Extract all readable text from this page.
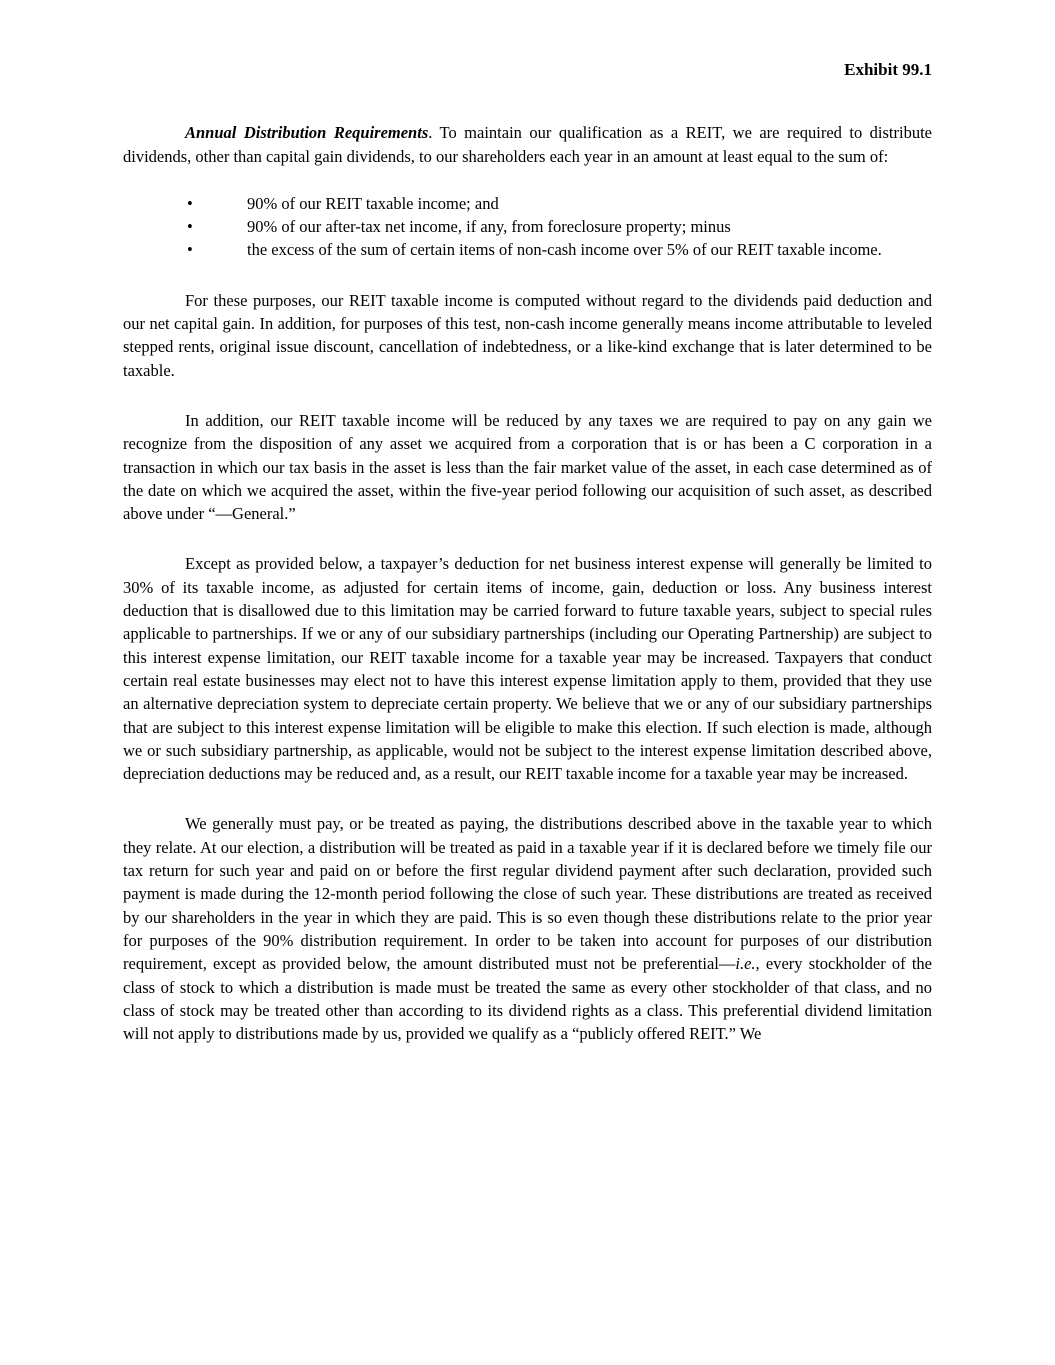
Exhibit 99.1

Annual Distribution Requirements. To maintain our qualification as a REIT, we are required to distribute dividends, other than capital gain dividends, to our shareholders each year in an amount at least equal to the sum of:

•	90% of our REIT taxable income; and
•	90% of our after-tax net income, if any, from foreclosure property; minus
•	the excess of the sum of certain items of non-cash income over 5% of our REIT taxable income.

For these purposes, our REIT taxable income is computed without regard to the dividends paid deduction and our net capital gain. In addition, for purposes of this test, non-cash income generally means income attributable to leveled stepped rents, original issue discount, cancellation of indebtedness, or a like-kind exchange that is later determined to be taxable.

In addition, our REIT taxable income will be reduced by any taxes we are required to pay on any gain we recognize from the disposition of any asset we acquired from a corporation that is or has been a C corporation in a transaction in which our tax basis in the asset is less than the fair market value of the asset, in each case determined as of the date on which we acquired the asset, within the five-year period following our acquisition of such asset, as described above under “—General.”

Except as provided below, a taxpayer’s deduction for net business interest expense will generally be limited to 30% of its taxable income, as adjusted for certain items of income, gain, deduction or loss. Any business interest deduction that is disallowed due to this limitation may be carried forward to future taxable years, subject to special rules applicable to partnerships. If we or any of our subsidiary partnerships (including our Operating Partnership) are subject to this interest expense limitation, our REIT taxable income for a taxable year may be increased. Taxpayers that conduct certain real estate businesses may elect not to have this interest expense limitation apply to them, provided that they use an alternative depreciation system to depreciate certain property. We believe that we or any of our subsidiary partnerships that are subject to this interest expense limitation will be eligible to make this election. If such election is made, although we or such subsidiary partnership, as applicable, would not be subject to the interest expense limitation described above, depreciation deductions may be reduced and, as a result, our REIT taxable income for a taxable year may be increased.

We generally must pay, or be treated as paying, the distributions described above in the taxable year to which they relate. At our election, a distribution will be treated as paid in a taxable year if it is declared before we timely file our tax return for such year and paid on or before the first regular dividend payment after such declaration, provided such payment is made during the 12-month period following the close of such year. These distributions are treated as received by our shareholders in the year in which they are paid. This is so even though these distributions relate to the prior year for purposes of the 90% distribution requirement. In order to be taken into account for purposes of our distribution requirement, except as provided below, the amount distributed must not be preferential—i.e., every stockholder of the class of stock to which a distribution is made must be treated the same as every other stockholder of that class, and no class of stock may be treated other than according to its dividend rights as a class. This preferential dividend limitation will not apply to distributions made by us, provided we qualify as a “publicly offered REIT.” We
